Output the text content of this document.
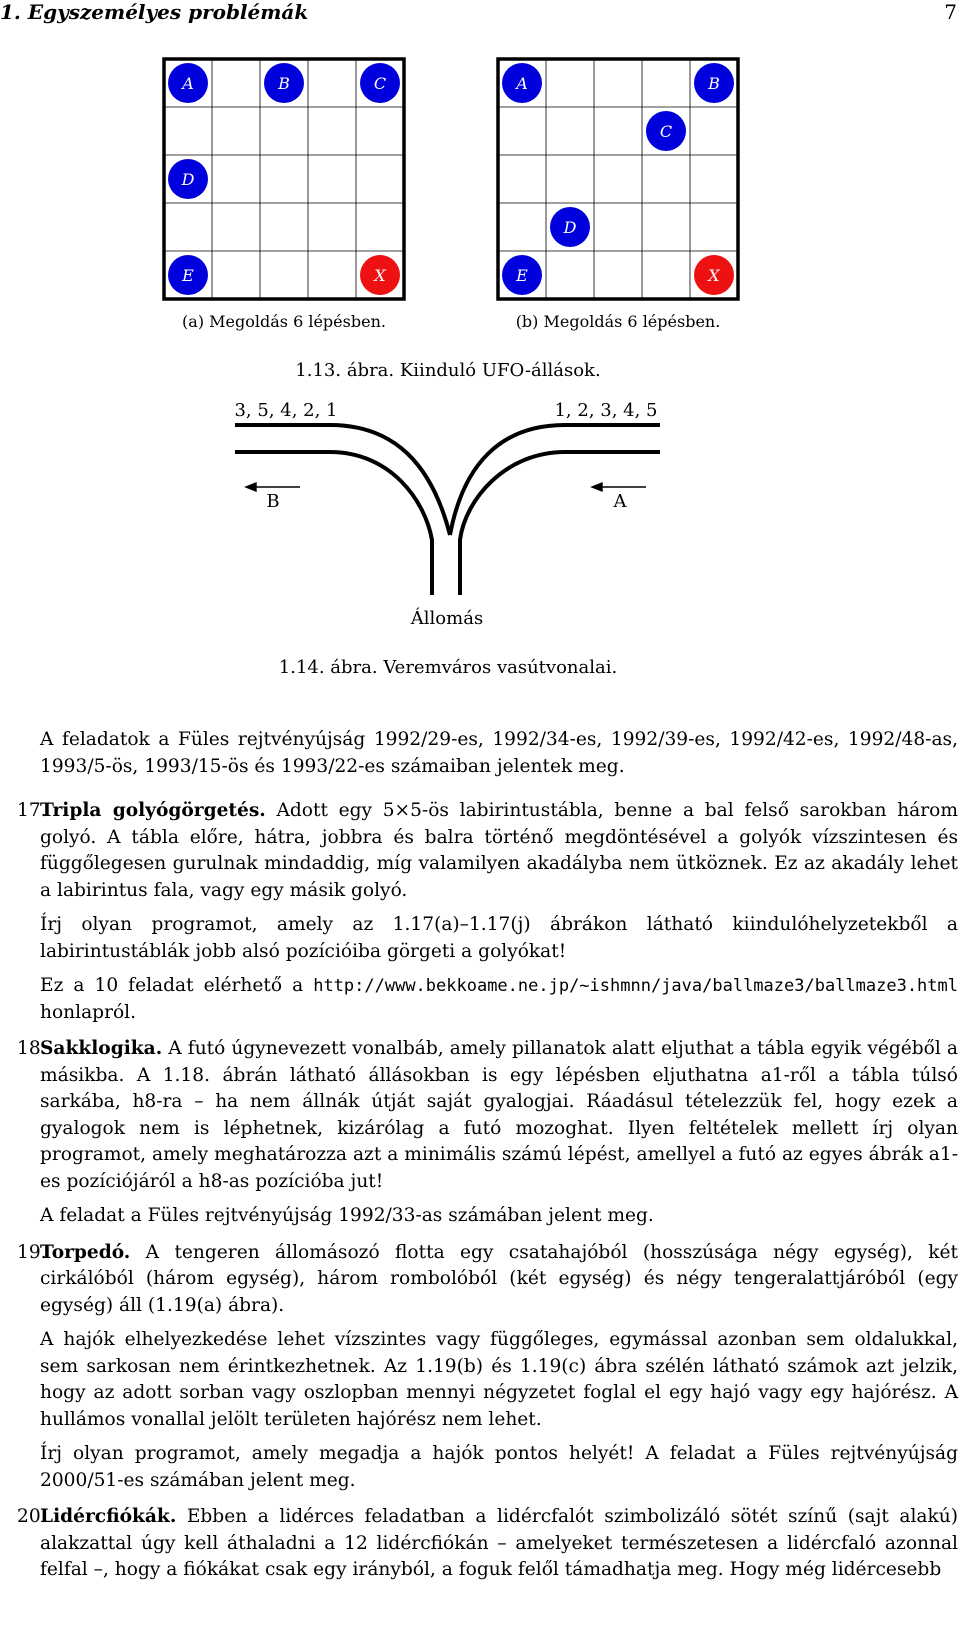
1. Egyszemélyes problémák	7
A	B	C
D
E	X
A	B
C
D
E	X
(a) Megoldás 6 lépésben.	(b) Megoldás 6 lépésben.
1.13. ábra. Kiinduló UFO-állások.
3, 5, 4, 2, 1	1, 2, 3, 4, 5
B	A
Állomás
1.14. ábra. Veremváros vasútvonalai.

A feladatok a Füles rejtvényújság 1992/29-es, 1992/34-es, 1992/39-es, 1992/42-es, 1992/48-as, 1993/5-ös, 1993/15-ös és 1993/22-es számaiban jelentek meg.

17.

Tripla golyógörgetés. Adott egy 5×5-ös labirintustábla, benne a bal felső sarokban három golyó. A tábla előre, hátra, jobbra és balra történő megdöntésével a golyók vízszintesen és függőlegesen gurulnak mindaddig, míg valamilyen akadályba nem ütköznek. Ez az akadály lehet a labirintus fala, vagy egy másik golyó.

Írj olyan programot, amely az 1.17(a)–1.17(j) ábrákon látható kiindulóhelyzetekből a labirintustáblák jobb alsó pozícióiba görgeti a golyókat!

Ez a 10 feladat elérhető a http://www.bekkoame.ne.jp/~ishmnn/java/ballmaze3/ballmaze3.html honlapról.

18.

Sakklogika. A futó úgynevezett vonalbáb, amely pillanatok alatt eljuthat a tábla egyik végéből a másikba. A 1.18. ábrán látható állásokban is egy lépésben eljuthatna a1-ről a tábla túlsó sarkába, h8-ra – ha nem állnák útját saját gyalogjai. Ráadásul tételezzük fel, hogy ezek a gyalogok nem is léphetnek, kizárólag a futó mozoghat. Ilyen feltételek mellett írj olyan programot, amely meghatározza azt a minimális számú lépést, amellyel a futó az egyes ábrák a1-es pozíciójáról a h8-as pozícióba jut!

A feladat a Füles rejtvényújság 1992/33-as számában jelent meg.

19.

Torpedó. A tengeren állomásozó flotta egy csatahajóból (hosszúsága négy egység), két cirkálóból (három egység), három rombolóból (két egység) és négy tengeralattjáróból (egy egység) áll (1.19(a) ábra).

A hajók elhelyezkedése lehet vízszintes vagy függőleges, egymással azonban sem oldalukkal, sem sarkosan nem érintkezhetnek. Az 1.19(b) és 1.19(c) ábra szélén látható számok azt jelzik, hogy az adott sorban vagy oszlopban mennyi négyzetet foglal el egy hajó vagy egy hajórész. A hullámos vonallal jelölt területen hajórész nem lehet.

Írj olyan programot, amely megadja a hajók pontos helyét! A feladat a Füles rejtvényújság 2000/51-es számában jelent meg.

20.

Lidércfiókák. Ebben a lidérces feladatban a lidércfalót szimbolizáló sötét színű (sajt alakú) alakzattal úgy kell áthaladni a 12 lidércfiókán – amelyeket természetesen a lidércfaló azonnal felfal –, hogy a fiókákat csak egy irányból, a foguk felől támadhatja meg. Hogy még lidércesebb
